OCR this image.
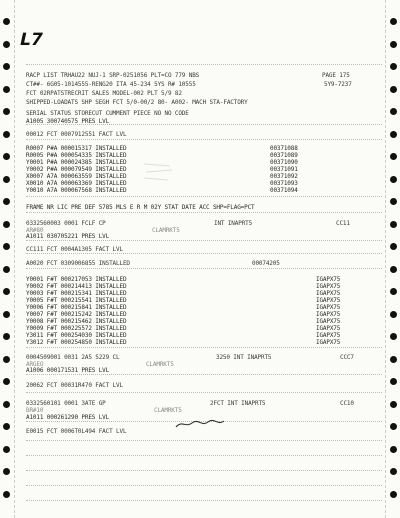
L7
RACP LIST TRHAU22 NUJ-1 SRP-0251056 PLT=CO 779 NBS	PAGE 175
CT##- 6G05-1014555-RENG20 ITA 45-234 5YS R# 10555	5Y9-7237
FCT 02RPATSTRECRIT SALES MODEL-002 PLT 5/9 82
SHIPPED-LOADATS SHP SEGH FCT 5/0-00/2 80- A002- MACH STA-FACTORY
SERIAL STATUS STORECUT CUMMENT PIECE NO NO CODE
A1005 300740575 PRES LVL
00012 FCT 0007912551 FACT LVL
R0007 P#A 000015317 INSTALLED	00371088
R0005 P#A 000054335 INSTALLED	00371089
Y0001 P#A 000024385 INSTALLED	00371090
Y0002 P#A 000079549 INSTALLED	00371091
X0007 A7A 000063559 INSTALLED	00371092
X0010 A7A 000063369 INSTALLED	00371093
Y0010 A7A 000067568 INSTALLED	00371094
FRAME NR LIC PRE DEF 5785 MLS E R M 02Y STAT DATE ACC SHP=FLAG=PCT
0332560003 0001 FCLF CP	INT INAPRT5	CC11
AR#80	CLAMRKT5
A1011 030705221 PRES LVL
CC111 FCT 0004A1305 FACT LVL
A0020 FCT 0309006855 INSTALLED	00074205
Y0001 F#T 000217053 INSTALLED	IGAPX75
Y0002 F#T 000214413 INSTALLED	IGAPX75
Y0003 F#T 000215341 INSTALLED	IGAPX75
Y0005 F#T 000215541 INSTALLED	IGAPX75
Y0006 F#T 000215841 INSTALLED	IGAPX75
Y0007 F#T 000215242 INSTALLED	IGAPX75
Y0008 F#T 000215462 INSTALLED	IGAPX75
Y0009 F#T 000225572 INSTALLED	IGAPX75
Y3011 F#T 000254030 INSTALLED	IGAPX75
Y3012 F#T 000254850 INSTALLED	IGAPX75
0004509001 0031 2A5 5229 CL	3250 INT INAPRT5	CCC7
ARGEO	CLAMRKT5
A1006 000171531 PRES LVL
20062 FCT 00031R470 FACT LVL
0332560101 0001 3ATE GP	2FCT INT INAPRT5	CC10
BR#10	CLAMRKT5
A1011 000261290 PRES LVL
E0015 FCT 0006T0L494 FACT LVL
